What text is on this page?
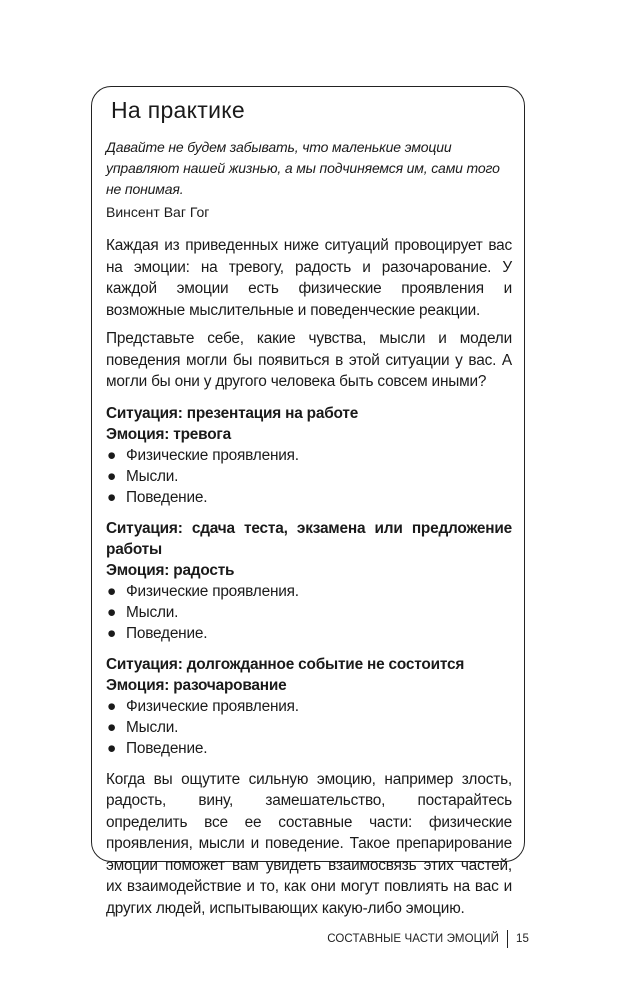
На практике

Давайте не будем забывать, что маленькие эмоции управляют нашей жизнью, а мы подчиняемся им, сами того не понимая.

Винсент Ваг Гог

Каждая из приведенных ниже ситуаций провоцирует вас на эмоции: на тревогу, радость и разочарование. У каждой эмоции есть физические проявления и возможные мыслительные и поведенческие реакции.

Представьте себе, какие чувства, мысли и модели поведения могли бы появиться в этой ситуации у вас. А могли бы они у другого человека быть совсем иными?

Ситуация: презентация на работе
Эмоция: тревога
● Физические проявления.
● Мысли.
● Поведение.
Ситуация: сдача теста, экзамена или предложение работы
Эмоция: радость
● Физические проявления.
● Мысли.
● Поведение.
Ситуация: долгожданное событие не состоится
Эмоция: разочарование
● Физические проявления.
● Мысли.
● Поведение.

Когда вы ощутите сильную эмоцию, например злость, радость, вину, замешательство, постарайтесь определить все ее составные части: физические проявления, мысли и поведение. Такое препарирование эмоции поможет вам увидеть взаимосвязь этих частей, их взаимодействие и то, как они могут повлиять на вас и других людей, испытывающих какую-либо эмоцию.

СОСТАВНЫЕ ЧАСТИ ЭМОЦИЙ 15
